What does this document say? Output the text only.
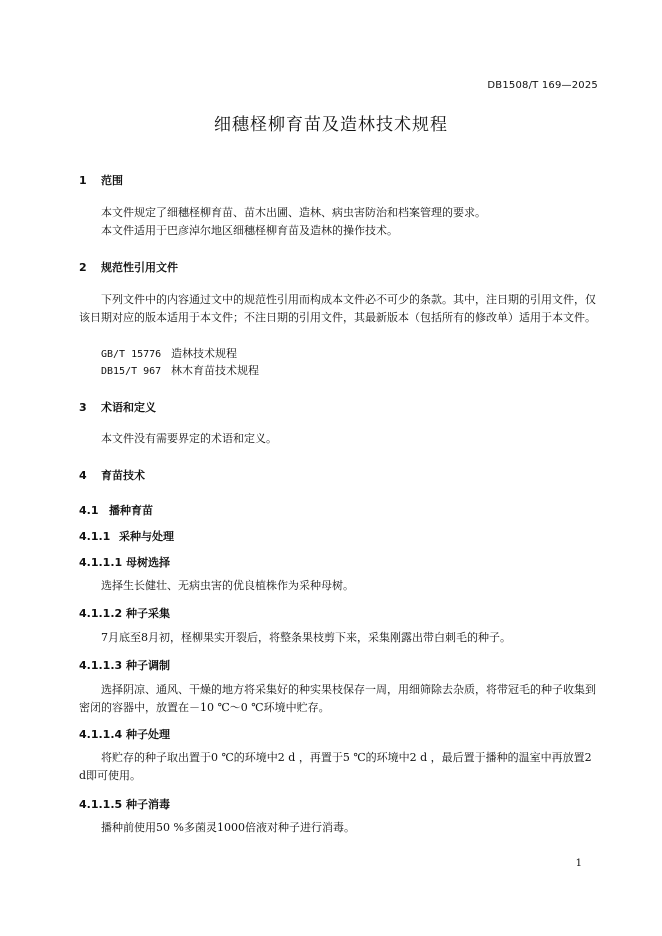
DB1508/T 169—2025
细穗柽柳育苗及造林技术规程
1 范围
本文件规定了细穗柽柳育苗、苗木出圃、造林、病虫害防治和档案管理的要求。
本文件适用于巴彦淖尔地区细穗柽柳育苗及造林的操作技术。
2 规范性引用文件
下列文件中的内容通过文中的规范性引用而构成本文件必不可少的条款。其中，注日期的引用文件，仅该日期对应的版本适用于本文件；不注日期的引用文件，其最新版本（包括所有的修改单）适用于本文件。
GB/T 15776 造林技术规程
DB15/T 967 林木育苗技术规程
3 术语和定义
本文件没有需要界定的术语和定义。
4 育苗技术
4.1 播种育苗
4.1.1 采种与处理
4.1.1.1 母树选择
选择生长健壮、无病虫害的优良植株作为采种母树。
4.1.1.2 种子采集
7月底至8月初，柽柳果实开裂后，将整条果枝剪下来，采集刚露出带白刺毛的种子。
4.1.1.3 种子调制
选择阴凉、通风、干燥的地方将采集好的种实果枝保存一周，用细筛除去杂质，将带冠毛的种子收集到密闭的容器中，放置在－10 ℃～0 ℃环境中贮存。
4.1.1.4 种子处理
将贮存的种子取出置于0 ℃的环境中2 d ，再置于5 ℃的环境中2 d ，最后置于播种的温室中再放置2 d即可使用。
4.1.1.5 种子消毒
播种前使用50 %多菌灵1000倍液对种子进行消毒。
1
